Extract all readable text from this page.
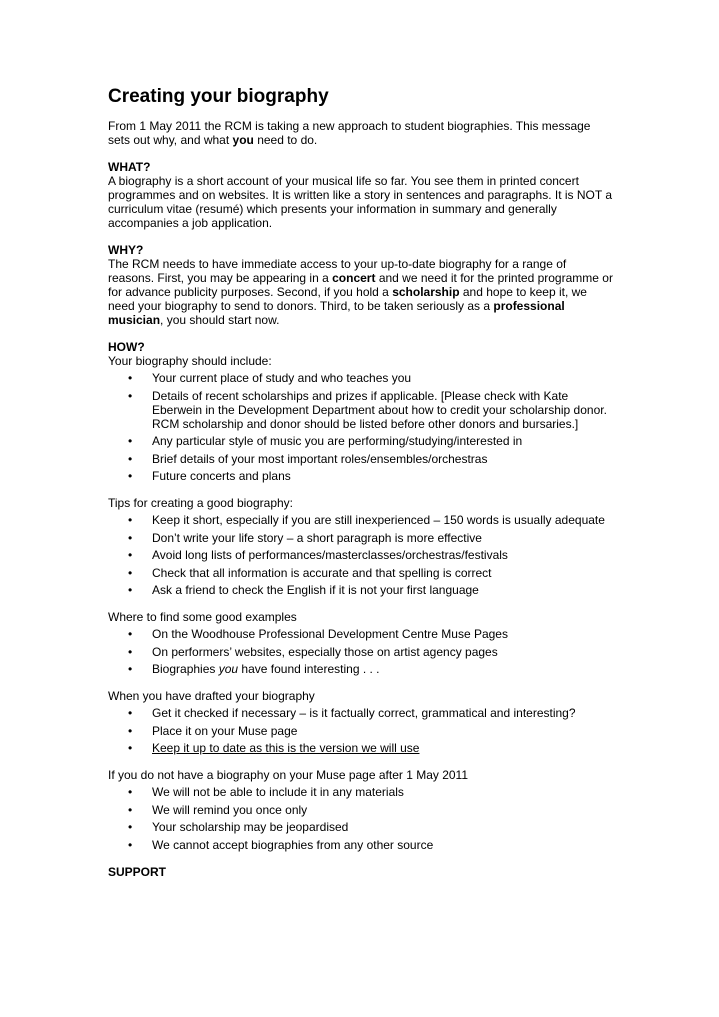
Creating your biography

From 1 May 2011 the RCM is taking a new approach to student biographies. This message sets out why, and what you need to do.

WHAT?

A biography is a short account of your musical life so far. You see them in printed concert programmes and on websites. It is written like a story in sentences and paragraphs. It is NOT a curriculum vitae (resumé) which presents your information in summary and generally accompanies a job application.

WHY?

The RCM needs to have immediate access to your up-to-date biography for a range of reasons. First, you may be appearing in a concert and we need it for the printed programme or for advance publicity purposes. Second, if you hold a scholarship and hope to keep it, we need your biography to send to donors. Third, to be taken seriously as a professional musician, you should start now.

HOW?

Your biography should include:

• Your current place of study and who teaches you
• Details of recent scholarships and prizes if applicable. [Please check with Kate Eberwein in the Development Department about how to credit your scholarship donor. RCM scholarship and donor should be listed before other donors and bursaries.]
• Any particular style of music you are performing/studying/interested in
• Brief details of your most important roles/ensembles/orchestras
• Future concerts and plans

Tips for creating a good biography:

• Keep it short, especially if you are still inexperienced – 150 words is usually adequate
• Don’t write your life story – a short paragraph is more effective
• Avoid long lists of performances/masterclasses/orchestras/festivals
• Check that all information is accurate and that spelling is correct
• Ask a friend to check the English if it is not your first language

Where to find some good examples

• On the Woodhouse Professional Development Centre Muse Pages
• On performers’ websites, especially those on artist agency pages
• Biographies you have found interesting . . .

When you have drafted your biography

• Get it checked if necessary – is it factually correct, grammatical and interesting?
• Place it on your Muse page
• Keep it up to date as this is the version we will use

If you do not have a biography on your Muse page after 1 May 2011

• We will not be able to include it in any materials
• We will remind you once only
• Your scholarship may be jeopardised
• We cannot accept biographies from any other source
SUPPORT
